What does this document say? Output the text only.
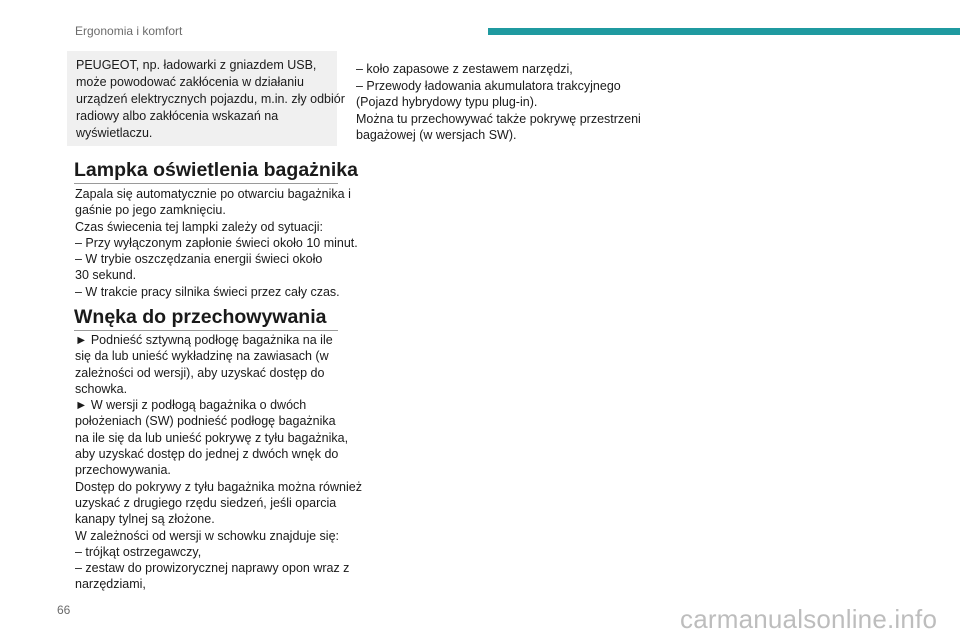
Ergonomia i komfort
PEUGEOT, np. ładowarki z gniazdem USB,
może powodować zakłócenia w działaniu
urządzeń elektrycznych pojazdu, m.in. zły odbiór
radiowy albo zakłócenia wskazań na
wyświetlaczu.
Lampka oświetlenia bagażnika
Zapala się automatycznie po otwarciu bagażnika i
gaśnie po jego zamknięciu.
Czas świecenia tej lampki zależy od sytuacji:
– Przy wyłączonym zapłonie świeci około 10 minut.
– W trybie oszczędzania energii świeci około
30 sekund.
– W trakcie pracy silnika świeci przez cały czas.
Wnęka do przechowywania
► Podnieść sztywną podłogę bagażnika na ile
się da lub unieść wykładzinę na zawiasach (w
zależności od wersji), aby uzyskać dostęp do
schowka.
► W wersji z podłogą bagażnika o dwóch
położeniach (SW) podnieść podłogę bagażnika
na ile się da lub unieść pokrywę z tyłu bagażnika,
aby uzyskać dostęp do jednej z dwóch wnęk do
przechowywania.
Dostęp do pokrywy z tyłu bagażnika można również
uzyskać z drugiego rzędu siedzeń, jeśli oparcia
kanapy tylnej są złożone.
W zależności od wersji w schowku znajduje się:
– trójkąt ostrzegawczy,
– zestaw do prowizorycznej naprawy opon wraz z
narzędziami,
– koło zapasowe z zestawem narzędzi,
– Przewody ładowania akumulatora trakcyjnego
(Pojazd hybrydowy typu plug-in).
Można tu przechowywać także pokrywę przestrzeni
bagażowej (w wersjach SW).
66	carmanualsonline.info
